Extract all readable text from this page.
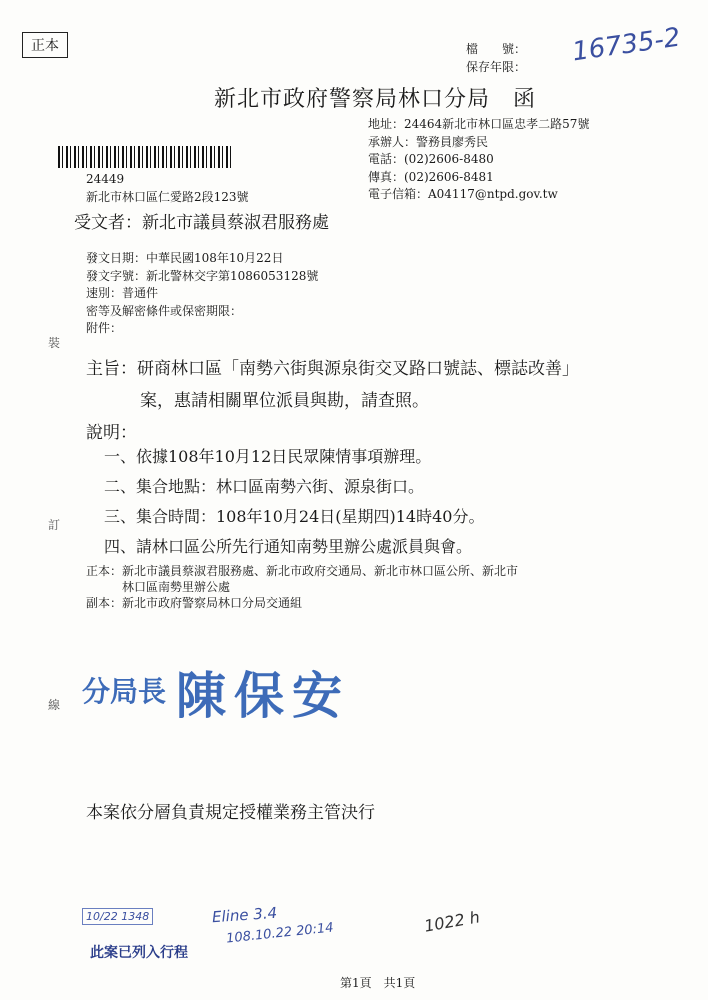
正本	檔　　號：
保存年限： 16735-2
新北市政府警察局林口分局　函
地址：24464新北市林口區忠孝二路57號
承辦人：警務員廖秀民
電話：(02)2606-8480
傳真：(02)2606-8481
電子信箱：A04117@ntpd.gov.tw
24449
新北市林口區仁愛路2段123號
受文者：新北市議員蔡淑君服務處
發文日期：中華民國108年10月22日
發文字號：新北警林交字第1086053128號
速別：普通件
密等及解密條件或保密期限：
附件：
裝
訂
線
主旨：研商林口區「南勢六街與源泉街交叉路口號誌、標誌改善」
案，惠請相關單位派員與勘，請查照。
說明：
一、依據108年10月12日民眾陳情事項辦理。
二、集合地點：林口區南勢六街、源泉街口。
三、集合時間：108年10月24日(星期四)14時40分。
四、請林口區公所先行通知南勢里辦公處派員與會。
正本：新北市議員蔡淑君服務處、新北市政府交通局、新北市林口區公所、新北市
林口區南勢里辦公處
副本：新北市政府警察局林口分局交通組
分局長 陳保安
本案依分層負責規定授權業務主管決行
10/22 1348
此案已列入行程
Eline 3.4
108.10.22 20:14	1022 h
第1頁　共1頁
